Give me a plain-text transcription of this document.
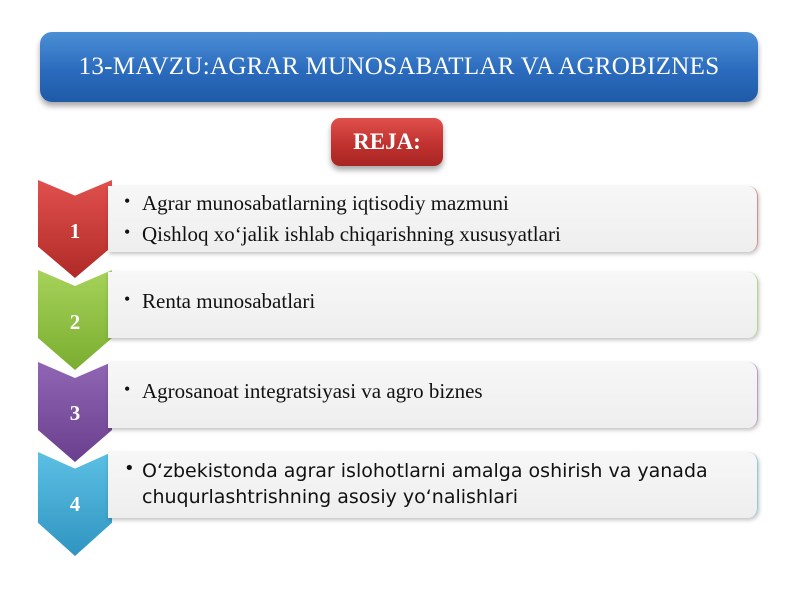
13-MAVZU:AGRAR MUNOSABATLAR VA AGROBIZNES
REJA:
1
• Agrar munosabatlarning iqtisodiy mazmuni
• Qishloq xo‘jalik ishlab chiqarishning xususyatlari
2
• Renta munosabatlari
3
• Agrosanoat integratsiyasi va agro biznes
4
• O‘zbekistonda agrar islohotlarni amalga oshirish va yanada chuqurlashtrishning asosiy yo‘nalishlari
